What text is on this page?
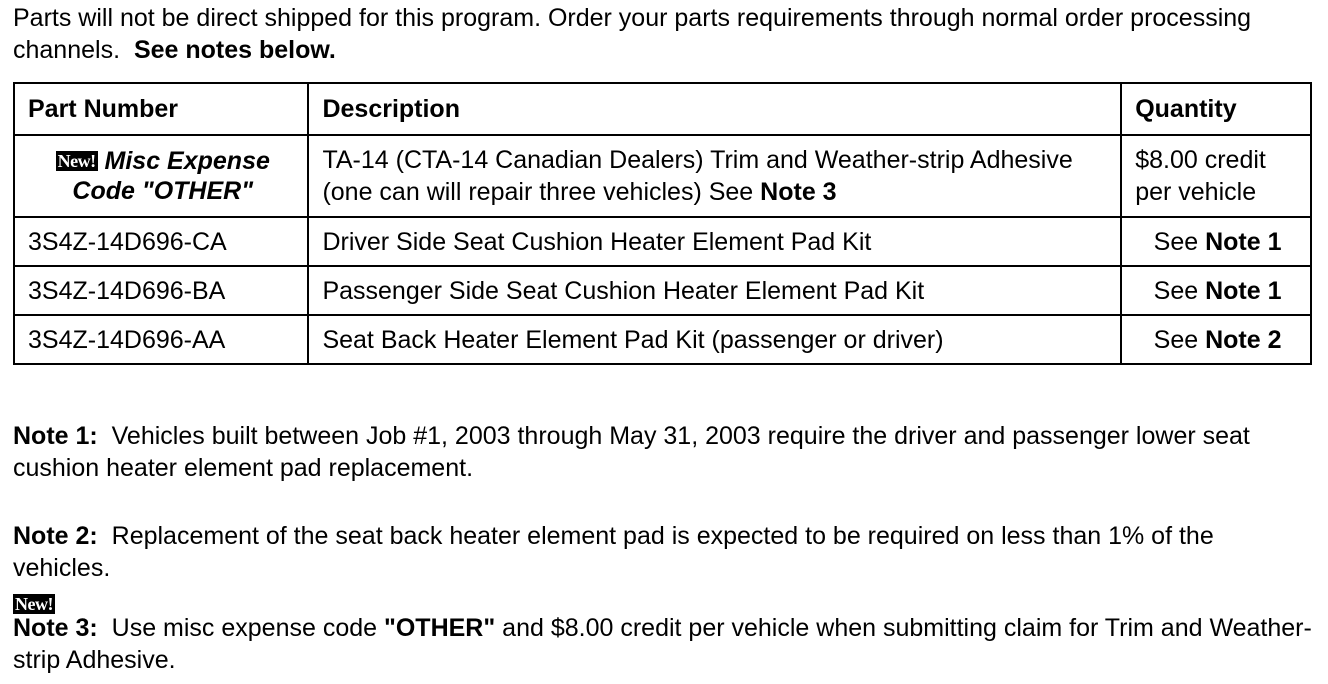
Parts will not be direct shipped for this program. Order your parts requirements through normal order processing channels. See notes below.

Part Number	Description	Quantity
New! Misc Expense Code "OTHER"	TA-14 (CTA-14 Canadian Dealers) Trim and Weather-strip Adhesive (one can will repair three vehicles) See Note 3	$8.00 credit per vehicle
3S4Z-14D696-CA	Driver Side Seat Cushion Heater Element Pad Kit	See Note 1
3S4Z-14D696-BA	Passenger Side Seat Cushion Heater Element Pad Kit	See Note 1
3S4Z-14D696-AA	Seat Back Heater Element Pad Kit (passenger or driver)	See Note 2

Note 1: Vehicles built between Job #1, 2003 through May 31, 2003 require the driver and passenger lower seat cushion heater element pad replacement.

Note 2: Replacement of the seat back heater element pad is expected to be required on less than 1% of the vehicles.

New!

Note 3: Use misc expense code "OTHER" and $8.00 credit per vehicle when submitting claim for Trim and Weather-strip Adhesive.
